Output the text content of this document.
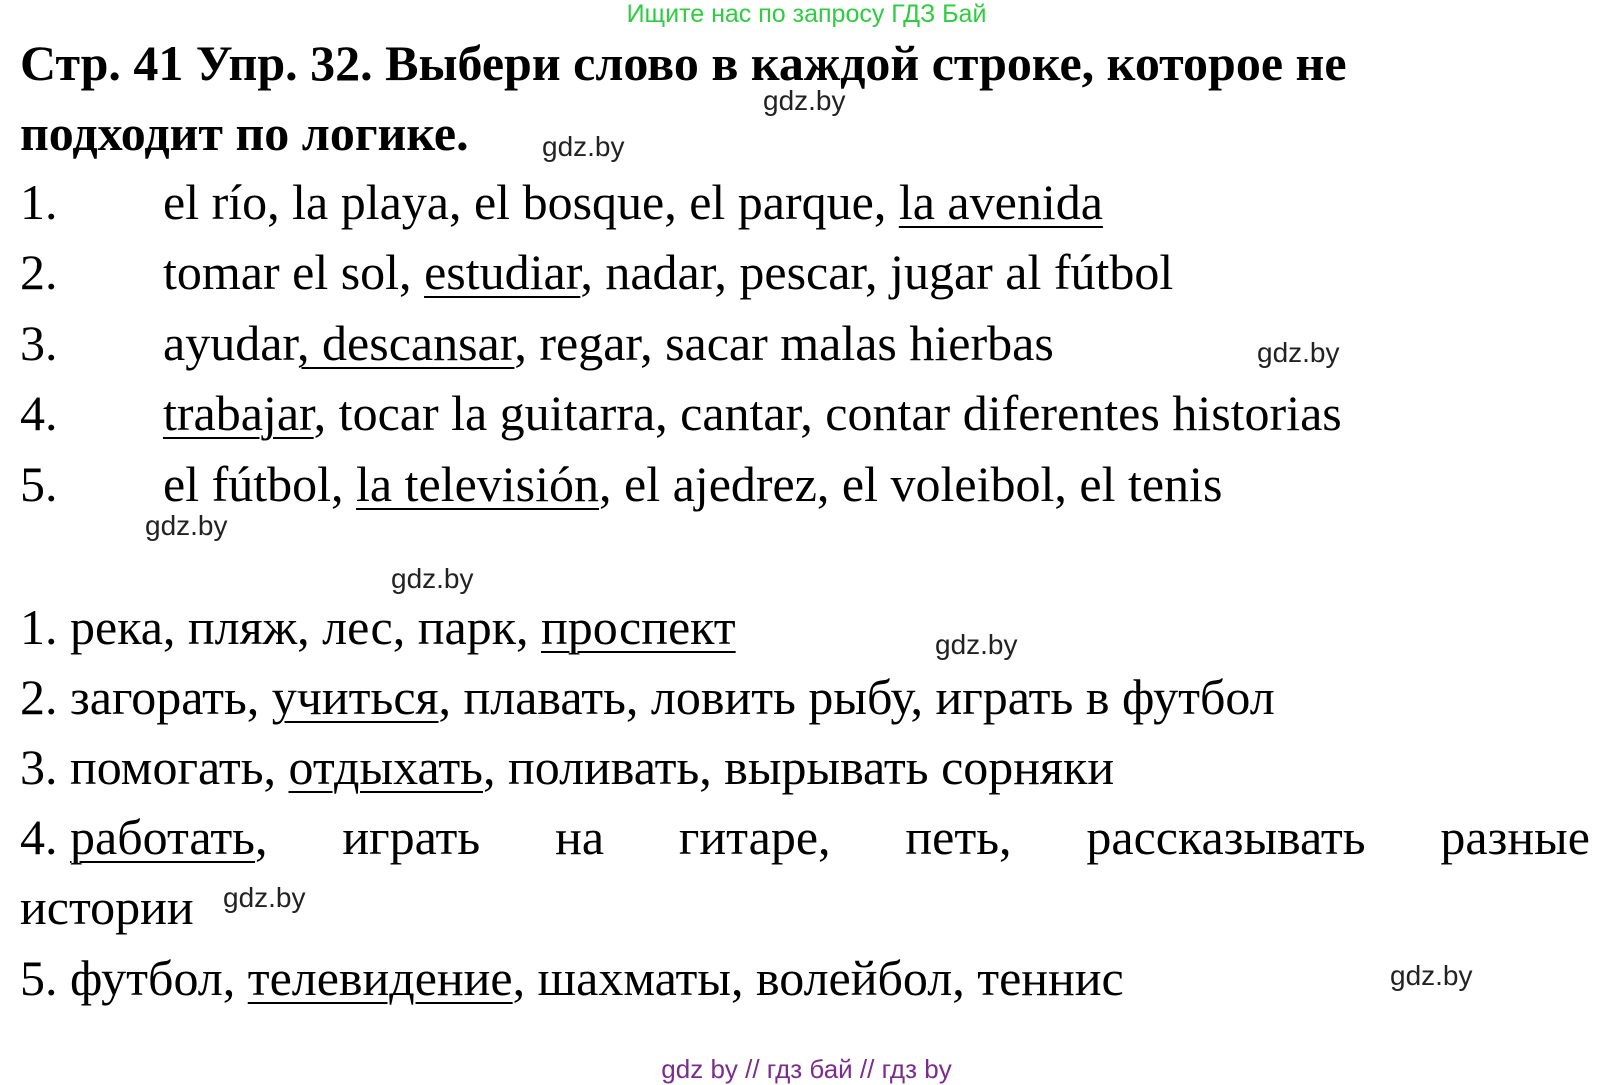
Ищите нас по запросу ГДЗ Бай
Стр. 41 Упр. 32. Выбери слово в каждой строке, которое не
подходит по логике.
gdz.by
gdz.by
gdz.by
gdz.by
gdz.by
gdz.by
gdz.by
gdz.by
1. el río, la playa, el bosque, el parque, la avenida
2. tomar el sol, estudiar, nadar, pescar, jugar al fútbol
3. ayudar, descansar, regar, sacar malas hierbas
4. trabajar, tocar la guitarra, cantar, contar diferentes historias
5. el fútbol, la televisión, el ajedrez, el voleibol, el tenis
1. река, пляж, лес, парк, проспект
2. загорать, учиться, плавать, ловить рыбу, играть в футбол
3. помогать, отдыхать, поливать, вырывать сорняки
4. работать, играть на гитаре, петь, рассказывать разные
истории
5. футбол, телевидение, шахматы, волейбол, теннис
gdz by // гдз бай // гдз by
